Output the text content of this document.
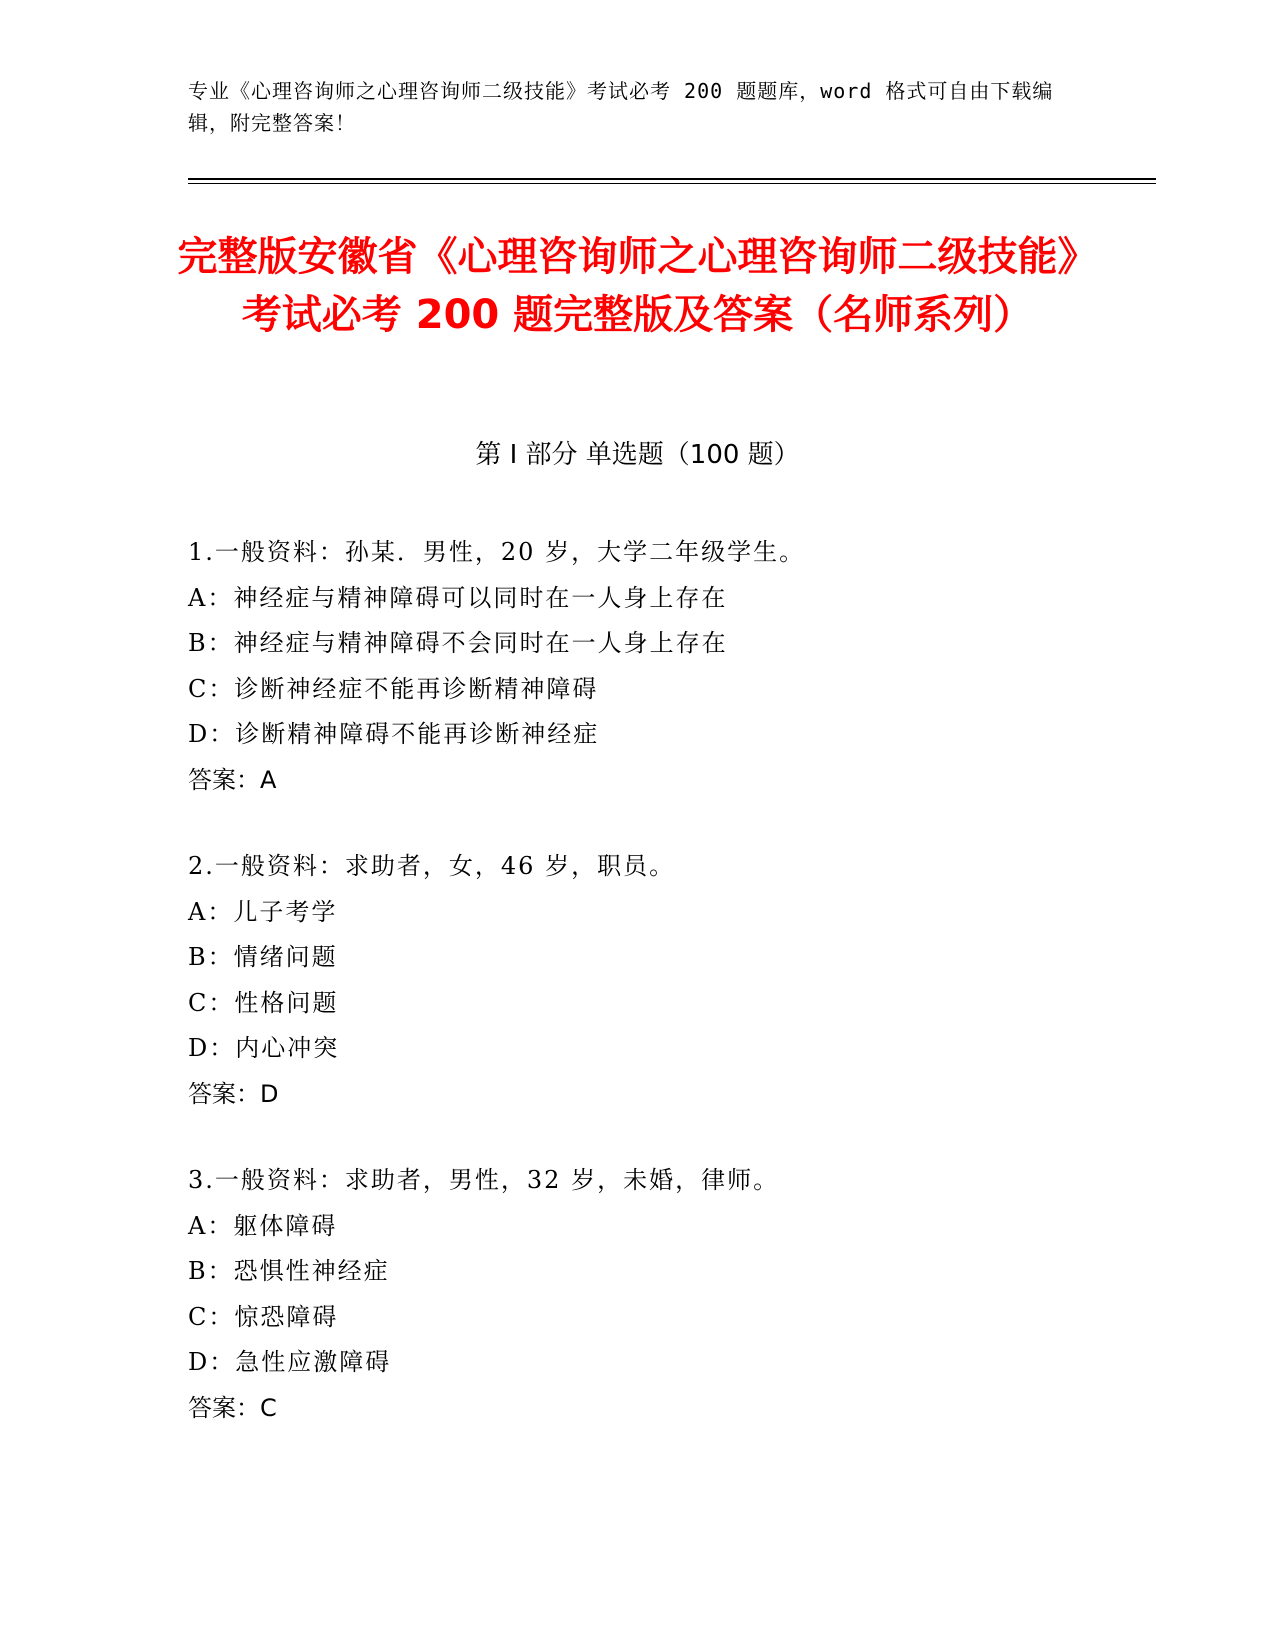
专业《心理咨询师之心理咨询师二级技能》考试必考 200 题题库，word 格式可自由下载编辑，附完整答案！
完整版安徽省《心理咨询师之心理咨询师二级技能》考试必考 200 题完整版及答案（名师系列）
第 I 部分 单选题（100 题）
1.一般资料：孙某．男性，20 岁，大学二年级学生。
A：神经症与精神障碍可以同时在一人身上存在
B：神经症与精神障碍不会同时在一人身上存在
C：诊断神经症不能再诊断精神障碍
D：诊断精神障碍不能再诊断神经症
答案：A
2.一般资料：求助者，女，46 岁，职员。
A：儿子考学
B：情绪问题
C：性格问题
D：内心冲突
答案：D
3.一般资料：求助者，男性，32 岁，未婚，律师。
A：躯体障碍
B：恐惧性神经症
C：惊恐障碍
D：急性应激障碍
答案：C
